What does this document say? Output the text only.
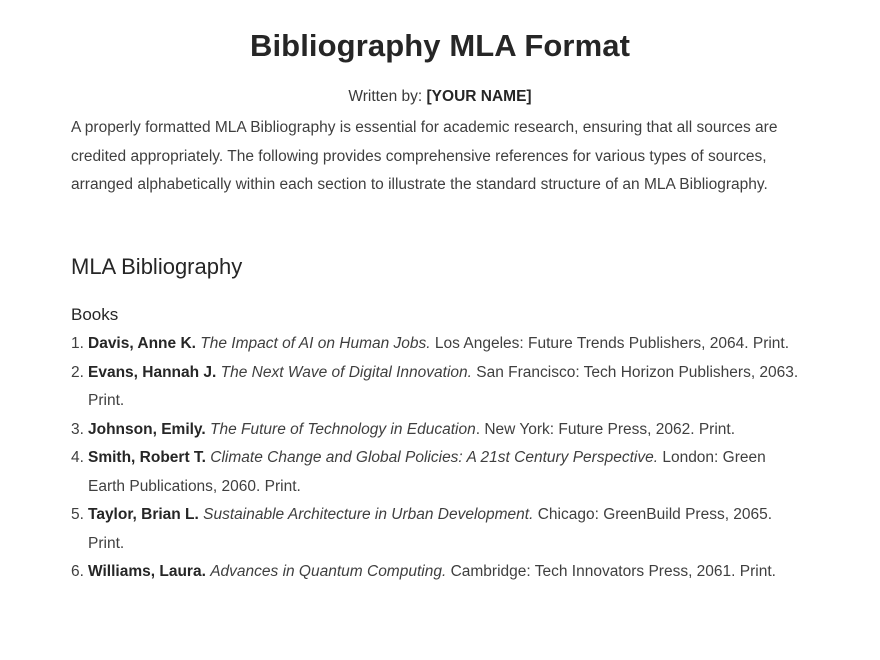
Bibliography MLA Format
Written by: [YOUR NAME]

A properly formatted MLA Bibliography is essential for academic research, ensuring that all sources are credited appropriately. The following provides comprehensive references for various types of sources, arranged alphabetically within each section to illustrate the standard structure of an MLA Bibliography.

MLA Bibliography
Books
1. Davis, Anne K. The Impact of AI on Human Jobs. Los Angeles: Future Trends Publishers, 2064. Print.
2. Evans, Hannah J. The Next Wave of Digital Innovation. San Francisco: Tech Horizon Publishers, 2063. Print.
3. Johnson, Emily. The Future of Technology in Education. New York: Future Press, 2062. Print.
4. Smith, Robert T. Climate Change and Global Policies: A 21st Century Perspective. London: Green Earth Publications, 2060. Print.
5. Taylor, Brian L. Sustainable Architecture in Urban Development. Chicago: GreenBuild Press, 2065. Print.
6. Williams, Laura. Advances in Quantum Computing. Cambridge: Tech Innovators Press, 2061. Print.
